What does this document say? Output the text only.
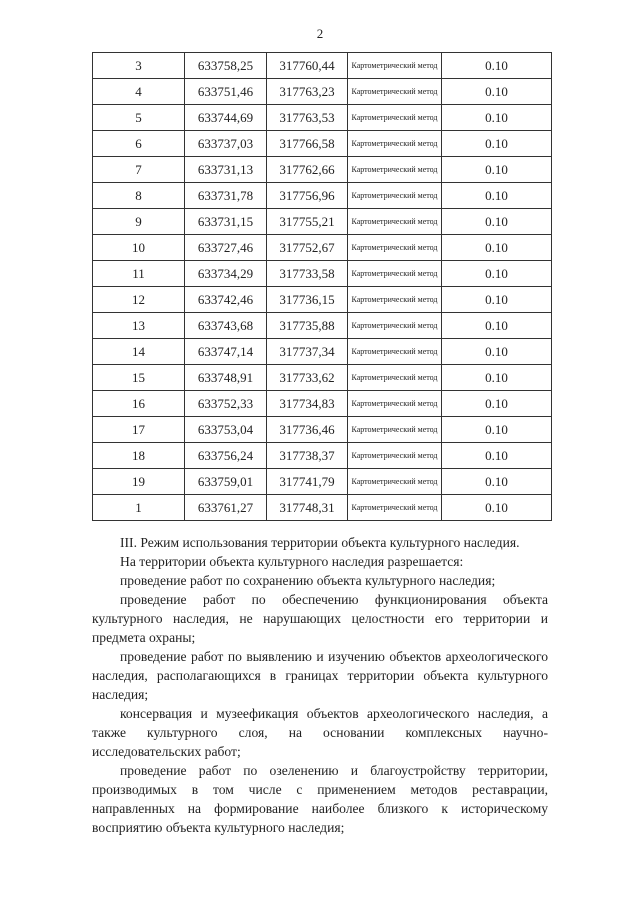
2
3	633758,25	317760,44	Картометрический метод	0.10
4	633751,46	317763,23	Картометрический метод	0.10
5	633744,69	317763,53	Картометрический метод	0.10
6	633737,03	317766,58	Картометрический метод	0.10
7	633731,13	317762,66	Картометрический метод	0.10
8	633731,78	317756,96	Картометрический метод	0.10
9	633731,15	317755,21	Картометрический метод	0.10
10	633727,46	317752,67	Картометрический метод	0.10
11	633734,29	317733,58	Картометрический метод	0.10
12	633742,46	317736,15	Картометрический метод	0.10
13	633743,68	317735,88	Картометрический метод	0.10
14	633747,14	317737,34	Картометрический метод	0.10
15	633748,91	317733,62	Картометрический метод	0.10
16	633752,33	317734,83	Картометрический метод	0.10
17	633753,04	317736,46	Картометрический метод	0.10
18	633756,24	317738,37	Картометрический метод	0.10
19	633759,01	317741,79	Картометрический метод	0.10
1	633761,27	317748,31	Картометрический метод	0.10

III. Режим использования территории объекта культурного наследия.

На территории объекта культурного наследия разрешается:

проведение работ по сохранению объекта культурного наследия;

проведение работ по обеспечению функционирования объекта культурного наследия, не нарушающих целостности его территории и предмета охраны;

проведение работ по выявлению и изучению объектов археологического наследия, располагающихся в границах территории объекта культурного наследия;

консервация и музеефикация объектов археологического наследия, а также культурного слоя, на основании комплексных научно-исследовательских работ;

проведение работ по озеленению и благоустройству территории, производимых в том числе с применением методов реставрации, направленных на формирование наиболее близкого к историческому восприятию объекта культурного наследия;
